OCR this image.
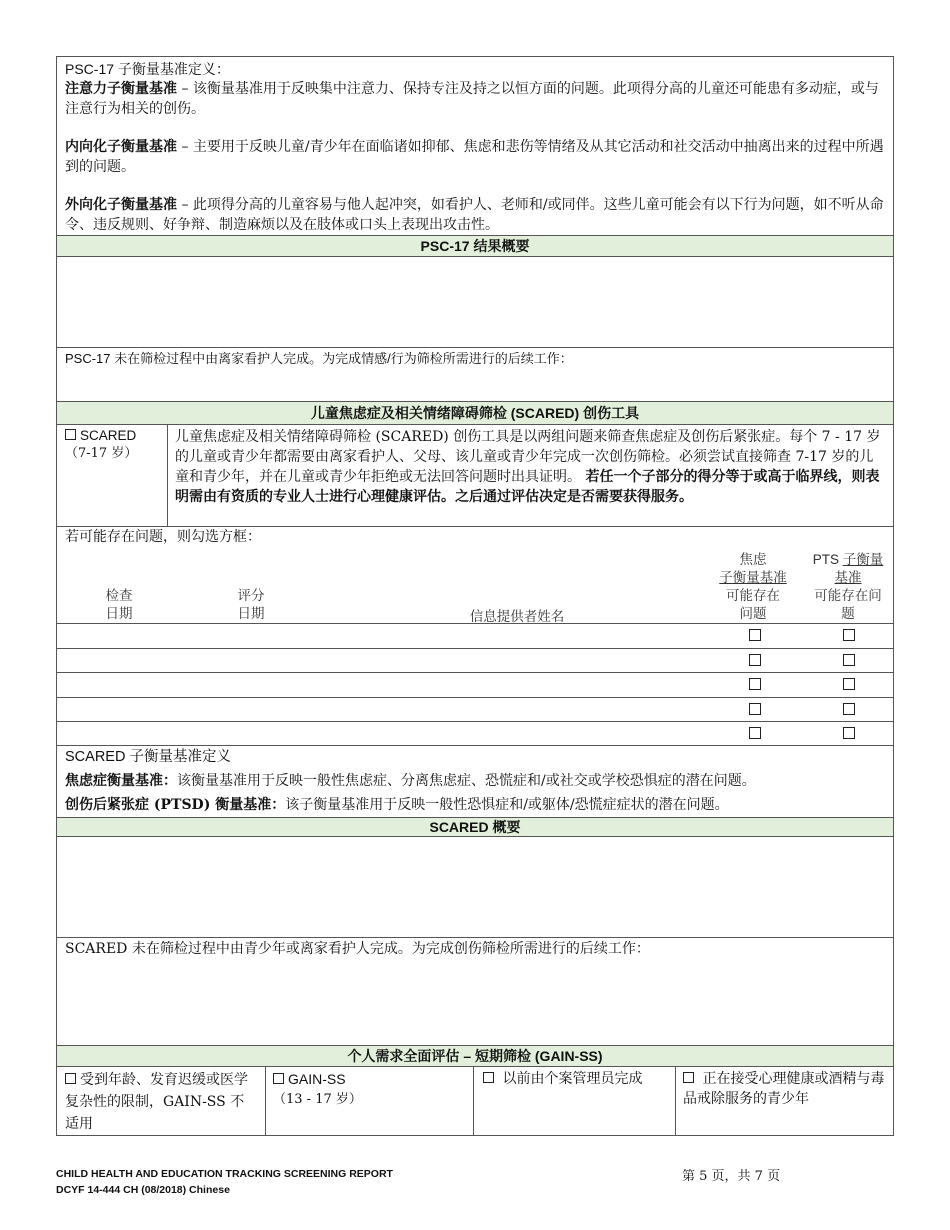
PSC-17 子衡量基准定义：
注意力子衡量基准 – 该衡量基准用于反映集中注意力、保持专注及持之以恒方面的问题。此项得分高的儿童还可能患有多动症，或与注意行为相关的创伤。
内向化子衡量基准 – 主要用于反映儿童/青少年在面临诸如抑郁、焦虑和悲伤等情绪及从其它活动和社交活动中抽离出来的过程中所遇到的问题。
外向化子衡量基准 – 此项得分高的儿童容易与他人起冲突，如看护人、老师和/或同伴。这些儿童可能会有以下行为问题，如不听从命令、违反规则、好争辩、制造麻烦以及在肢体或口头上表现出攻击性。
PSC-17 结果概要
PSC-17 未在筛检过程中由离家看护人完成。为完成情感/行为筛检所需进行的后续工作：
儿童焦虑症及相关情绪障碍筛检 (SCARED) 创伤工具
SCARED
（7-17 岁）
儿童焦虑症及相关情绪障碍筛检 (SCARED) 创伤工具是以两组问题来筛查焦虑症及创伤后紧张症。每个 7 - 17 岁的儿童或青少年都需要由离家看护人、父母、该儿童或青少年完成一次创伤筛检。必须尝试直接筛查 7-17 岁的儿童和青少年，并在儿童或青少年拒绝或无法回答问题时出具证明。 若任一个子部分的得分等于或高于临界线，则表明需由有资质的专业人士进行心理健康评估。之后通过评估决定是否需要获得服务。
若可能存在问题，则勾选方框：
检查
日期
评分
日期	信息提供者姓名
焦虑
子衡量基准
可能存在
问题
PTS 子衡量
基准
可能存在问
题
SCARED 子衡量基准定义
焦虑症衡量基准：该衡量基准用于反映一般性焦虑症、分离焦虑症、恐慌症和/或社交或学校恐惧症的潜在问题。
创伤后紧张症 (PTSD) 衡量基准：该子衡量基准用于反映一般性恐惧症和/或躯体/恐慌症症状的潜在问题。
SCARED 概要
SCARED 未在筛检过程中由青少年或离家看护人完成。为完成创伤筛检所需进行的后续工作：
个人需求全面评估 – 短期筛检 (GAIN-SS)
受到年龄、发育迟缓或医学复杂性的限制，GAIN-SS 不适用
GAIN-SS
（13 - 17 岁）
以前由个案管理员完成	正在接受心理健康或酒精与毒品戒除服务的青少年
CHILD HEALTH AND EDUCATION TRACKING SCREENING REPORT
DCYF 14-444 CH (08/2018) Chinese
第 5 页，共 7 页
